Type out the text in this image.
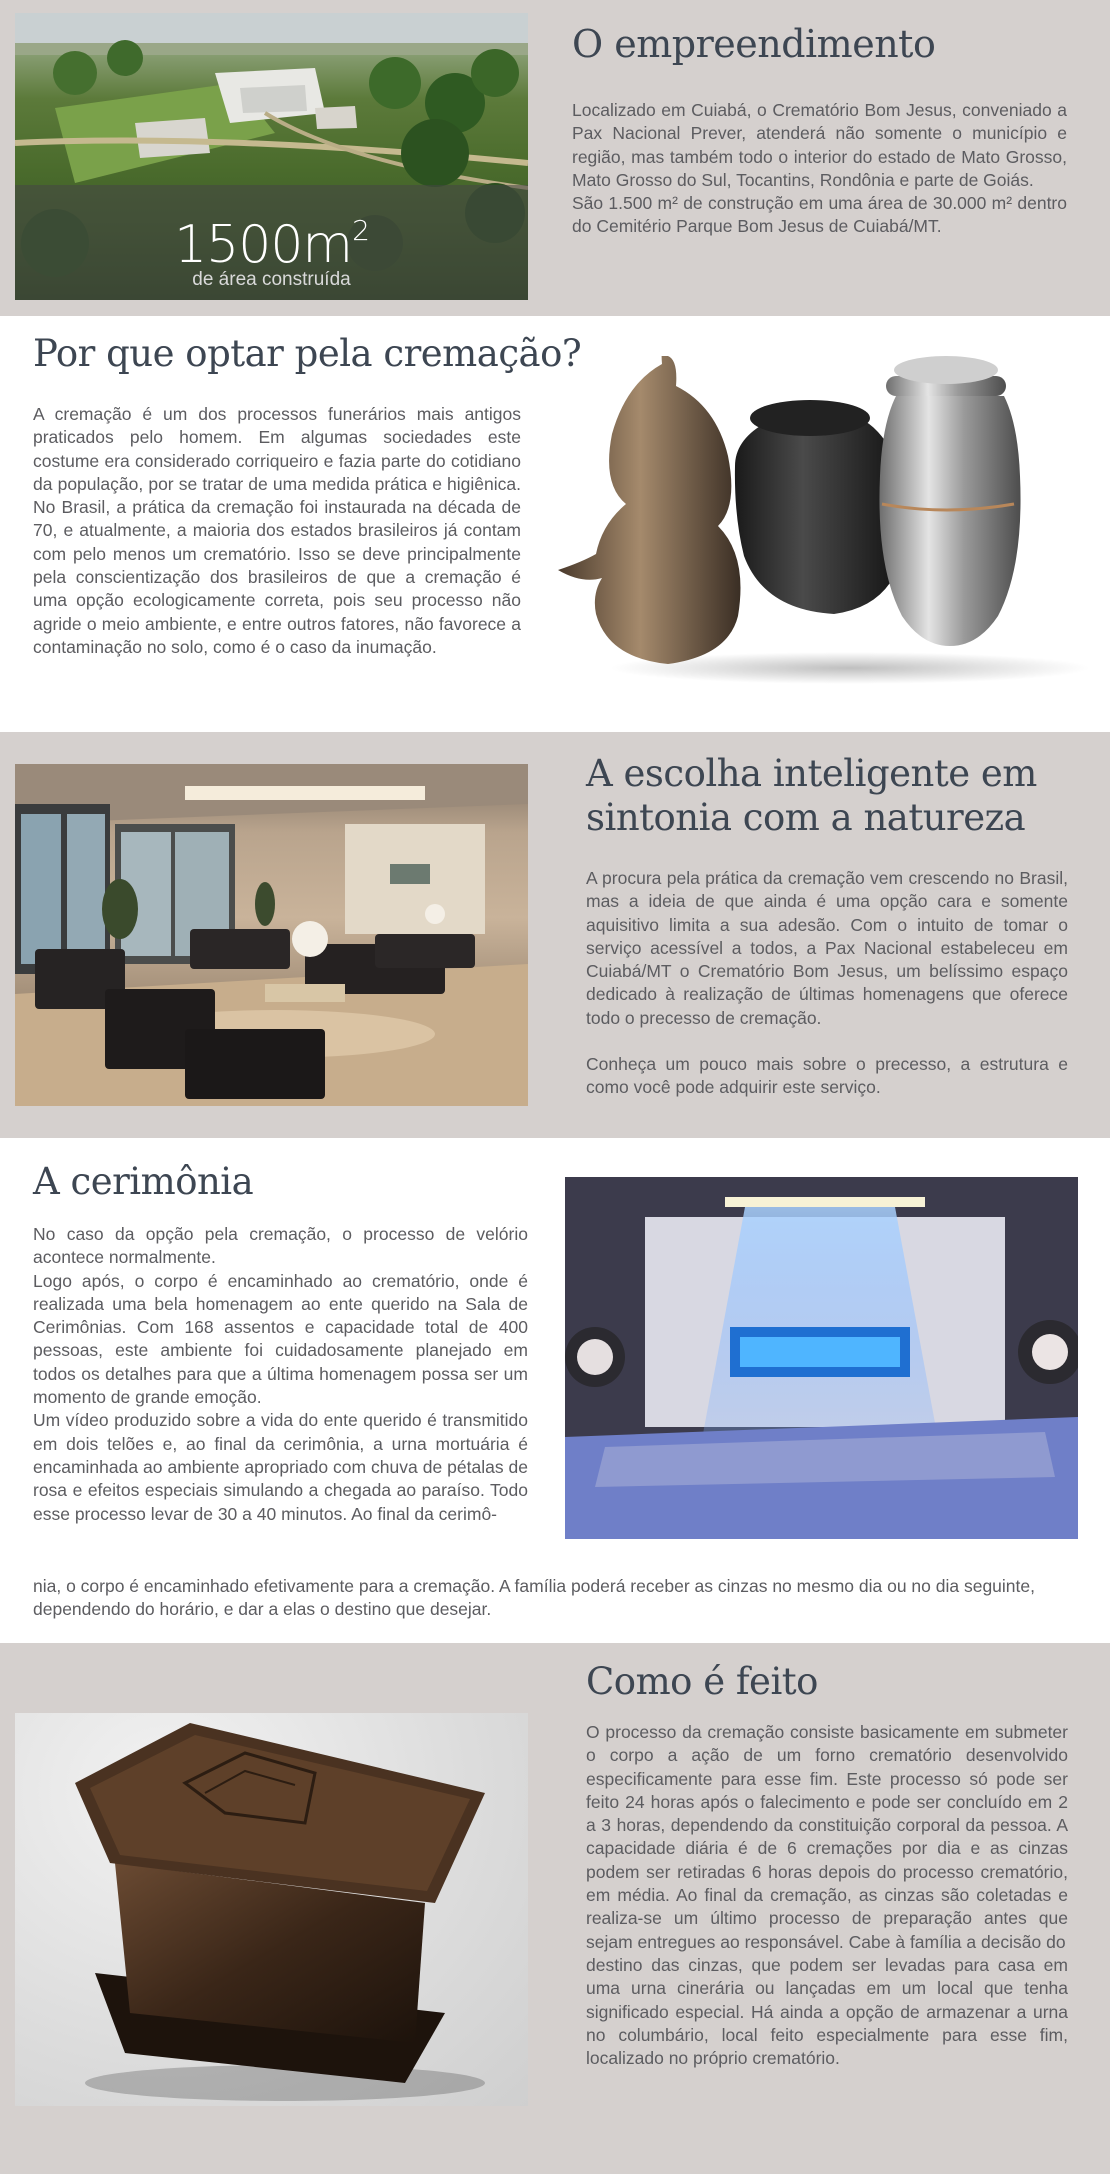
$1500m^2$
de área construída
O empreendimento

Localizado em Cuiabá, o Crematório Bom Jesus, conveniado a Pax Nacional Prever, atenderá não somente o município e região, mas também todo o interior do estado de Mato Grosso, Mato Grosso do Sul, Tocantins, Rondônia e parte de Goiás.

São 1.500 m² de construção em uma área de 30.000 m² dentro do Cemitério Parque Bom Jesus de Cuiabá/MT.

Por que optar pela cremação?

A cremação é um dos processos funerários mais antigos praticados pelo homem. Em algumas sociedades este costume era considerado corriqueiro e fazia parte do cotidiano da população, por se tratar de uma medida prática e higiênica. No Brasil, a prática da cremação foi instaurada na década de 70, e atualmente, a maioria dos estados brasileiros já contam com pelo menos um crematório. Isso se deve principalmente pela conscientização dos brasileiros de que a cremação é uma opção ecologicamente correta, pois seu processo não agride o meio ambiente, e entre outros fatores, não favorece a contaminação no solo, como é o caso da inumação.

A escolha inteligente em
sintonia com a natureza

A procura pela prática da cremação vem crescendo no Brasil, mas a ideia de que ainda é uma opção cara e somente aquisitivo limita a sua adesão. Com o intuito de tomar o serviço acessível a todos, a Pax Nacional estabeleceu em Cuiabá/MT o Crematório Bom Jesus, um belíssimo espaço dedicado à realização de últimas homenagens que oferece todo o precesso de cremação.

Conheça um pouco mais sobre o precesso, a estrutura e como você pode adquirir este serviço.

A cerimônia

No caso da opção pela cremação, o processo de velório acontece normalmente.

Logo após, o corpo é encaminhado ao crematório, onde é realizada uma bela homenagem ao ente querido na Sala de Cerimônias. Com 168 assentos e capacidade total de 400 pessoas, este ambiente foi cuidadosamente planejado em todos os detalhes para que a última homenagem possa ser um momento de grande emoção.

Um vídeo produzido sobre a vida do ente querido é transmitido em dois telões e, ao final da cerimônia, a urna mortuária é encaminhada ao ambiente apropriado com chuva de pétalas de rosa e efeitos especiais simulando a chegada ao paraíso. Todo esse processo levar de 30 a 40 minutos. Ao final da cerimô-

nia, o corpo é encaminhado efetivamente para a cremação. A família poderá receber as cinzas no mesmo dia ou no dia seguinte, dependendo do horário, e dar a elas o destino que desejar.

Como é feito

O processo da cremação consiste basicamente em submeter o corpo a ação de um forno crematório desenvolvido especificamente para esse fim. Este processo só pode ser feito 24 horas após o falecimento e pode ser concluído em 2 a 3 horas, dependendo da constituição corporal da pessoa. A capacidade diária é de 6 cremações por dia e as cinzas podem ser retiradas 6 horas depois do processo crematório, em média. Ao final da cremação, as cinzas são coletadas e realiza-se um último processo de preparação antes que sejam entregues ao responsável. Cabe à família a decisão do

destino das cinzas, que podem ser levadas para casa em uma urna cinerária ou lançadas em um local que tenha significado especial. Há ainda a opção de armazenar a urna no columbário, local feito especialmente para esse fim, localizado no próprio crematório.
